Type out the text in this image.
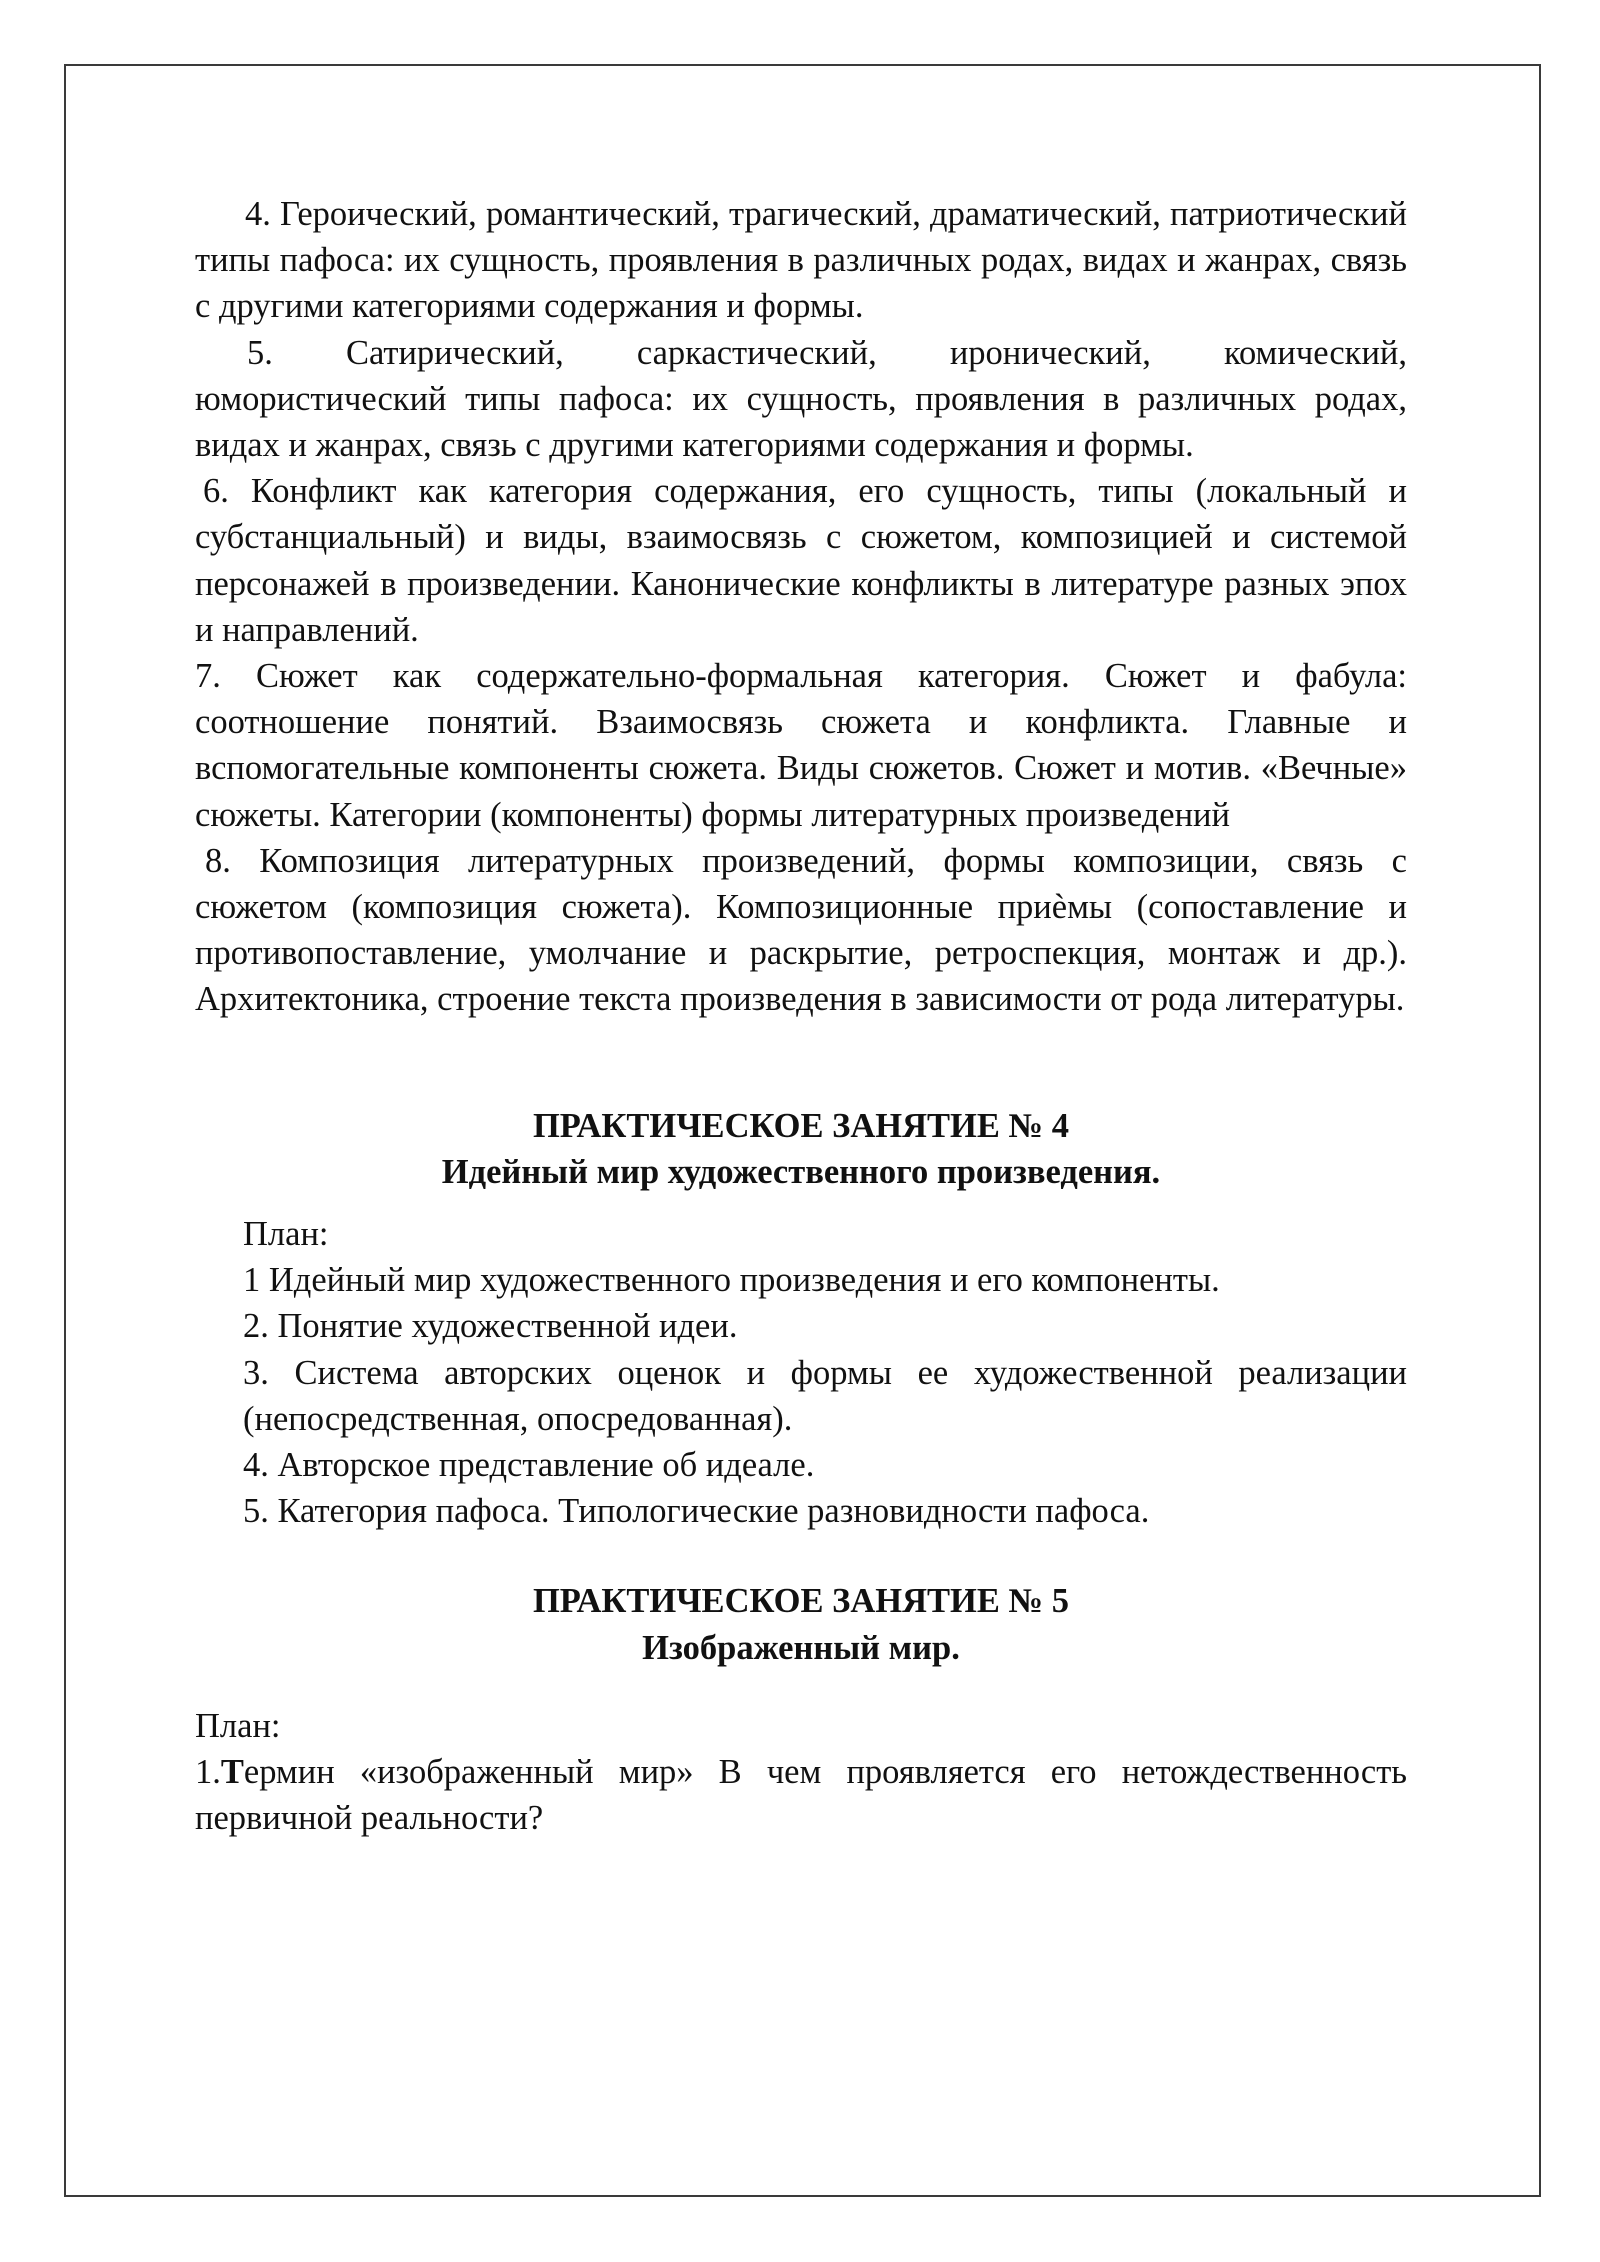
4. Героический, романтический, трагический, драматический, патриотический типы пафоса: их сущность, проявления в различных родах, видах и жанрах, связь с другими категориями содержания и формы.

5. Сатирический, саркастический, иронический, комический, юмористический типы пафоса: их сущность, проявления в различных родах, видах и жанрах, связь с другими категориями содержания и формы.

6. Конфликт как категория содержания, его сущность, типы (локальный и субстанциальный) и виды, взаимосвязь с сюжетом, композицией и системой персонажей в произведении. Канонические конфликты в литературе разных эпох и направлений.

7. Сюжет как содержательно-формальная категория. Сюжет и фабула: соотношение понятий. Взаимосвязь сюжета и конфликта. Главные и вспомогательные компоненты сюжета. Виды сюжетов. Сюжет и мотив. «Вечные» сюжеты. Категории (компоненты) формы литературных произведений

8. Композиция литературных произведений, формы композиции, связь с сюжетом (композиция сюжета). Композиционные приѐмы (сопоставление и противопоставление, умолчание и раскрытие, ретроспекция, монтаж и др.). Архитектоника, строение текста произведения в зависимости от рода литературы.

ПРАКТИЧЕСКОЕ ЗАНЯТИЕ № 4
Идейный мир художественного произведения.

План:

1 Идейный мир художественного произведения и его компоненты.

2. Понятие художественной идеи.

3. Система авторских оценок и формы ее художественной реализации (непосредственная, опосредованная).

4. Авторское представление об идеале.

5. Категория пафоса. Типологические разновидности пафоса.

ПРАКТИЧЕСКОЕ ЗАНЯТИЕ № 5
Изображенный мир.

План:

1.Термин «изображенный мир» В чем проявляется его нетождественность первичной реальности?
